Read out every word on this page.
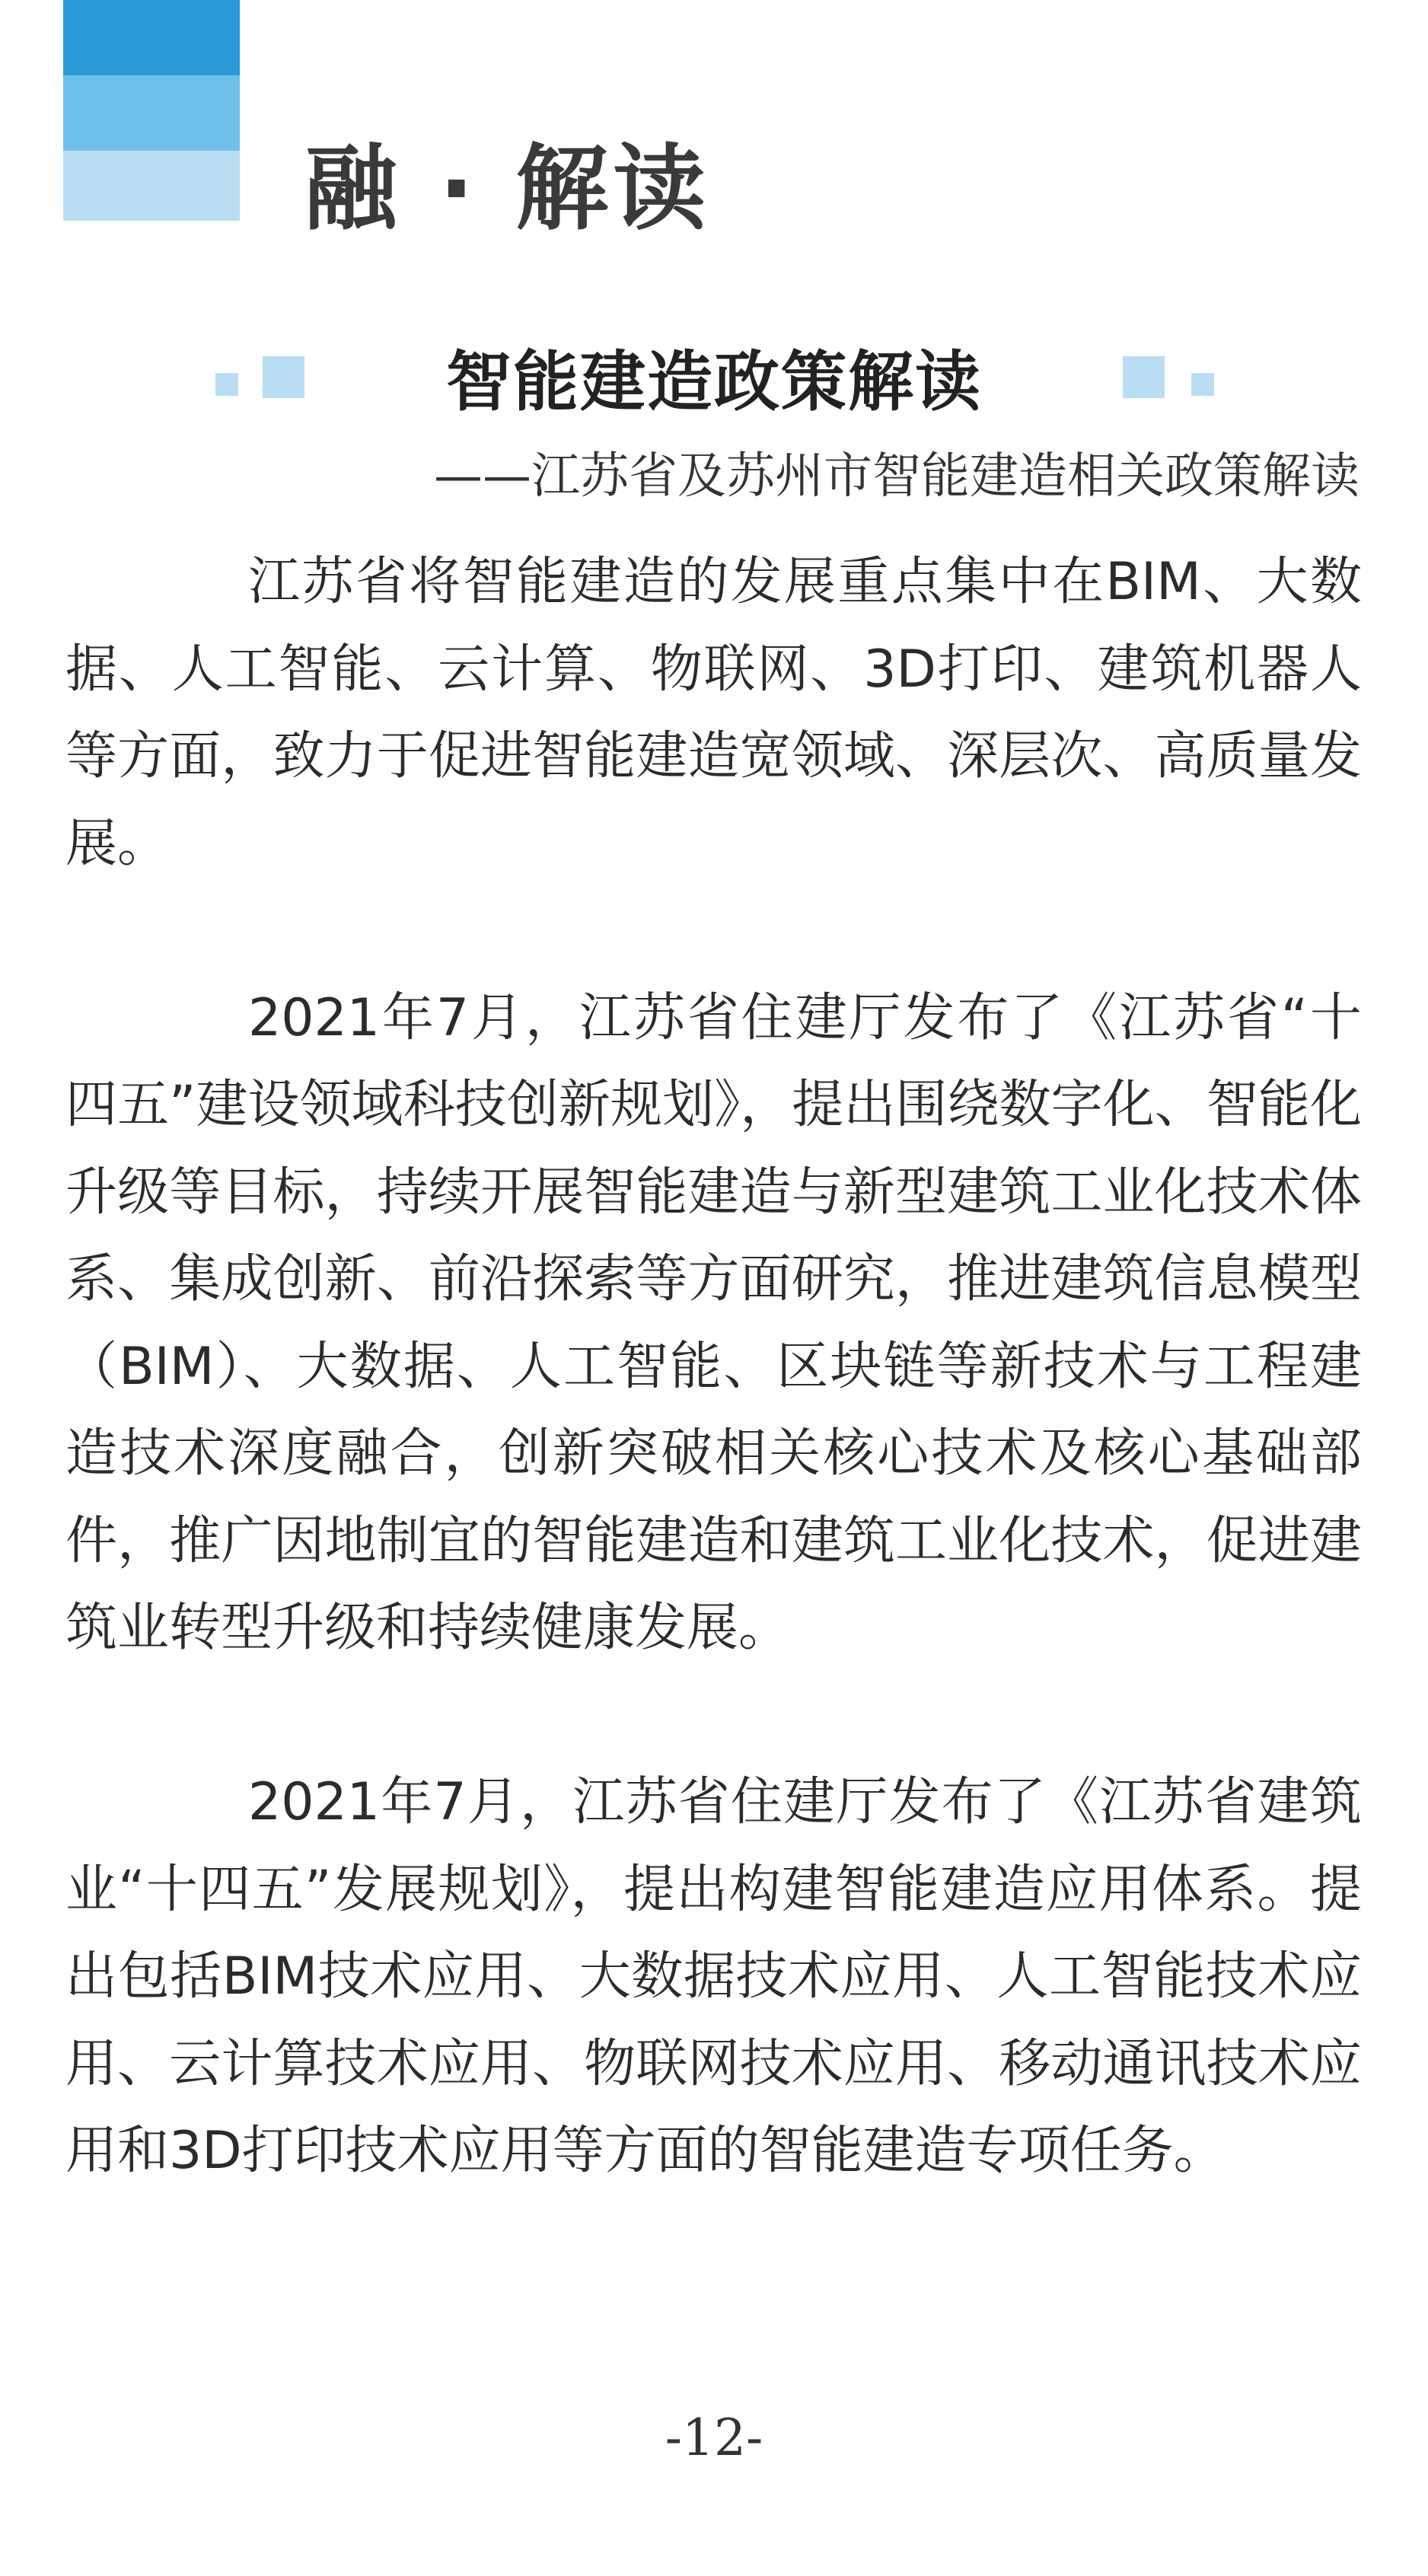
融 · 解读
智能建造政策解读
——江苏省及苏州市智能建造相关政策解读

江苏省将智能建造的发展重点集中在BIM、大数据、人工智能、云计算、物联网、3D打印、建筑机器人等方面，致力于促进智能建造宽领域、深层次、高质量发展。

2021年7月，江苏省住建厅发布了《江苏省“十四五”建设领域科技创新规划》，提出围绕数字化、智能化升级等目标，持续开展智能建造与新型建筑工业化技术体系、集成创新、前沿探索等方面研究，推进建筑信息模型（BIM）、大数据、人工智能、区块链等新技术与工程建造技术深度融合，创新突破相关核心技术及核心基础部件，推广因地制宜的智能建造和建筑工业化技术，促进建筑业转型升级和持续健康发展。

2021年7月，江苏省住建厅发布了《江苏省建筑业“十四五”发展规划》，提出构建智能建造应用体系。提出包括BIM技术应用、大数据技术应用、人工智能技术应用、云计算技术应用、物联网技术应用、移动通讯技术应用和3D打印技术应用等方面的智能建造专项任务。

-12-
